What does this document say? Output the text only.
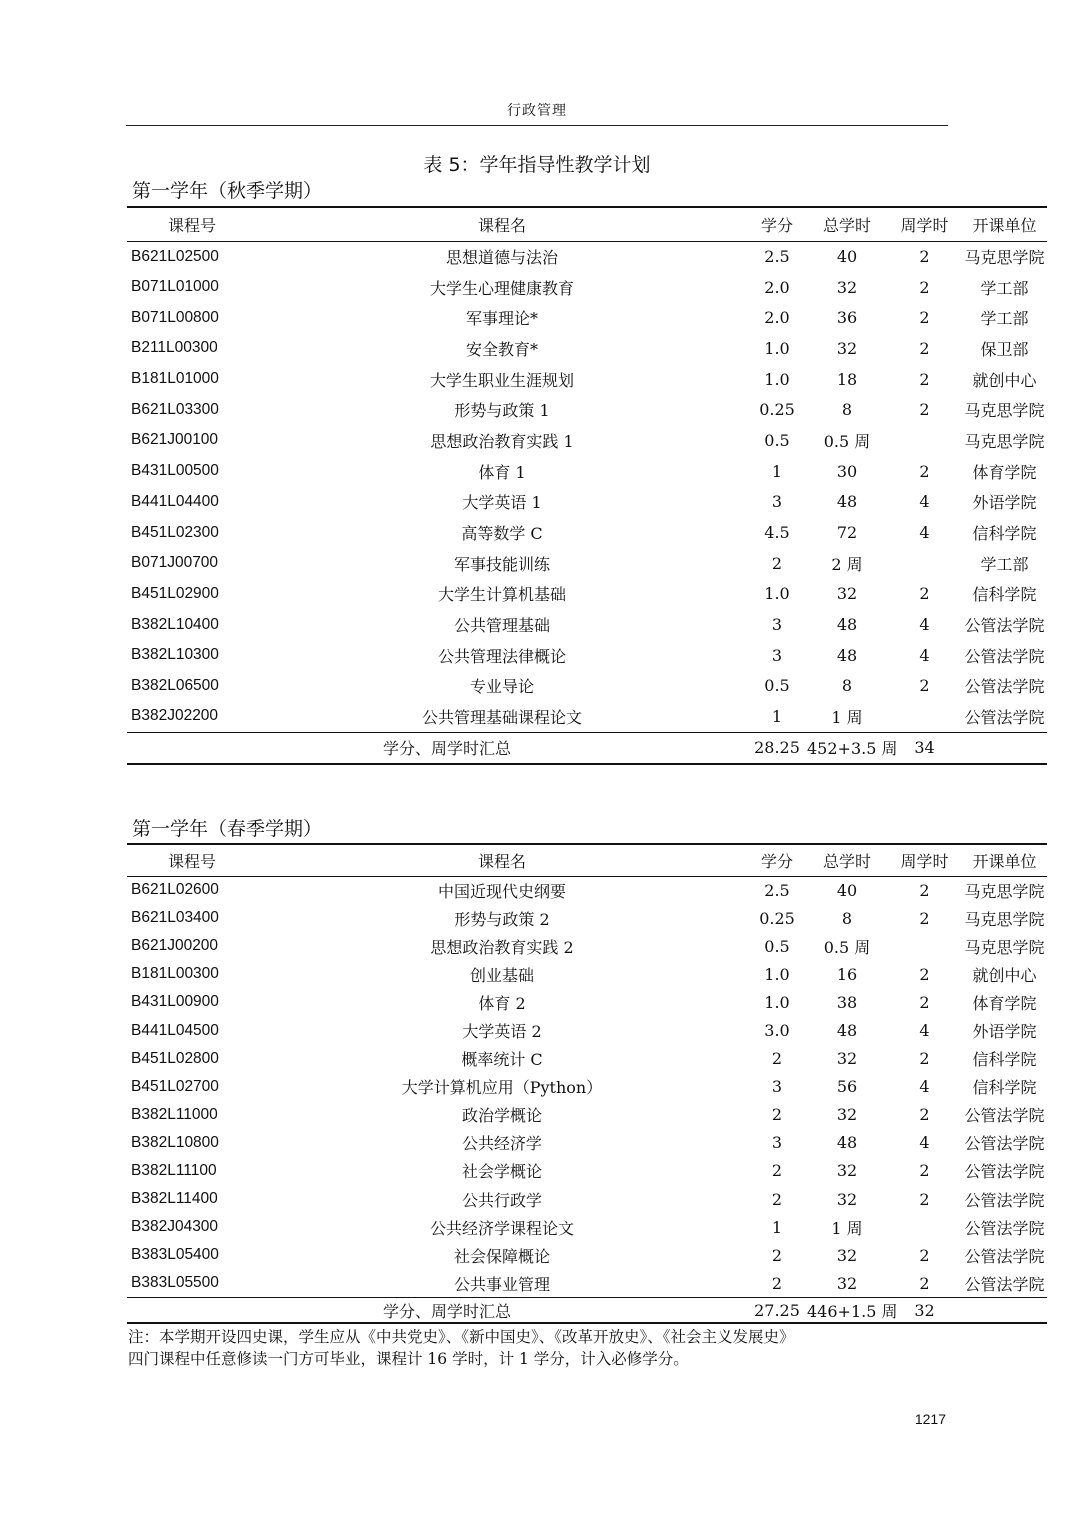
行政管理
表 5：学年指导性教学计划
第一学年（秋季学期）
课程号	课程名	学分	总学时	周学时	开课单位
B621L02500	思想道德与法治	2.5	40	2	马克思学院
B071L01000	大学生心理健康教育	2.0	32	2	学工部
B071L00800	军事理论*	2.0	36	2	学工部
B211L00300	安全教育*	1.0	32	2	保卫部
B181L01000	大学生职业生涯规划	1.0	18	2	就创中心
B621L03300	形势与政策 1	0.25	8	2	马克思学院
B621J00100	思想政治教育实践 1	0.5	0.5 周		马克思学院
B431L00500	体育 1	1	30	2	体育学院
B441L04400	大学英语 1	3	48	4	外语学院
B451L02300	高等数学 C	4.5	72	4	信科学院
B071J00700	军事技能训练	2	2 周		学工部
B451L02900	大学生计算机基础	1.0	32	2	信科学院
B382L10400	公共管理基础	3	48	4	公管法学院
B382L10300	公共管理法律概论	3	48	4	公管法学院
B382L06500	专业导论	0.5	8	2	公管法学院
B382J02200	公共管理基础课程论文	1	1 周		公管法学院
学分、周学时汇总		28.25	452+3.5 周	34	
第一学年（春季学期）
课程号	课程名	学分	总学时	周学时	开课单位
B621L02600	中国近现代史纲要	2.5	40	2	马克思学院
B621L03400	形势与政策 2	0.25	8	2	马克思学院
B621J00200	思想政治教育实践 2	0.5	0.5 周		马克思学院
B181L00300	创业基础	1.0	16	2	就创中心
B431L00900	体育 2	1.0	38	2	体育学院
B441L04500	大学英语 2	3.0	48	4	外语学院
B451L02800	概率统计 C	2	32	2	信科学院
B451L02700	大学计算机应用（Python）	3	56	4	信科学院
B382L11000	政治学概论	2	32	2	公管法学院
B382L10800	公共经济学	3	48	4	公管法学院
B382L11100	社会学概论	2	32	2	公管法学院
B382L11400	公共行政学	2	32	2	公管法学院
B382J04300	公共经济学课程论文	1	1 周		公管法学院
B383L05400	社会保障概论	2	32	2	公管法学院
B383L05500	公共事业管理	2	32	2	公管法学院
学分、周学时汇总		27.25	446+1.5 周	32	
注：本学期开设四史课，学生应从《中共党史》、《新中国史》、《改革开放史》、《社会主义发展史》
四门课程中任意修读一门方可毕业，课程计 16 学时，计 1 学分，计入必修学分。
1217
